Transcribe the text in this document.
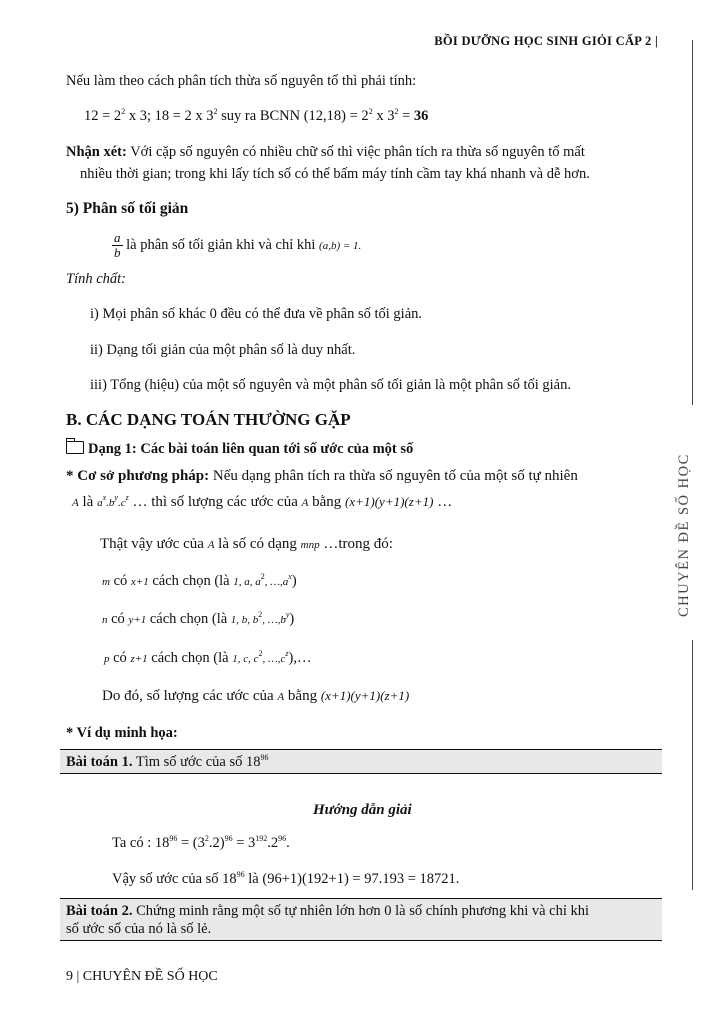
BỒI DƯỠNG HỌC SINH GIỎI CẤP 2 |
CHUYÊN ĐỀ SỐ HỌC
Nếu làm theo cách phân tích thừa số nguyên tố thì phải tính:
$12 = 2^2$ x 3; 18 = 2 x $3^2$ suy ra BCNN $(12,18) = 2^2$ x $3^2 = 36$
Nhận xét: Với cặp số nguyên có nhiều chữ số thì việc phân tích ra thừa số nguyên tố mất
nhiều thời gian; trong khi lấy tích số có thể bấm máy tính cầm tay khá nhanh và dễ hơn.
5) Phân số tối giản
$\frac{a}{b}$ là phân số tối giản khi và chỉ khi (a,b) = 1.
Tính chất:
i) Mọi phân số khác 0 đều có thể đưa về phân số tối giản.
ii) Dạng tối giản của một phân số là duy nhất.
iii) Tổng (hiệu) của một số nguyên và một phân số tối giản là một phân số tối giản.
B. CÁC DẠNG TOÁN THƯỜNG GẶP
Dạng 1: Các bài toán liên quan tới số ước của một số
* Cơ sở phương pháp: Nếu dạng phân tích ra thừa số nguyên tố của một số tự nhiên
A là $a^x.b^y.c^z$ … thì số lượng các ước của A bằng (x+1)(y+1)(z+1) …
Thật vậy ước của A là số có dạng mnp …trong đó:
m có x+1 cách chọn (là 1, a, $a^2$, $\dots,a^x$)
n có y+1 cách chọn (là 1, b, $b^2$, $\dots,b^y$)
p có z+1 cách chọn (là 1, c, $c^2$, $\dots,c^z),\dots$
Do đó, số lượng các ước của A bằng (x+1)(y+1)(z+1)
* Ví dụ minh họa:
Bài toán 1. Tìm số ước của số $18^{96}$
Hướng dẫn giải
Ta có : $18^{96} = (3^2.2)^{96} = 3^{192}.2^{96}$.
Vậy số ước của số $18^{96}$ là (96+1)(192+1) = 97.193 = 18721.
Bài toán 2. Chứng minh rằng một số tự nhiên lớn hơn 0 là số chính phương khi và chỉ khi
số ước số của nó là số lẻ.
9 | CHUYÊN ĐỀ SỐ HỌC
